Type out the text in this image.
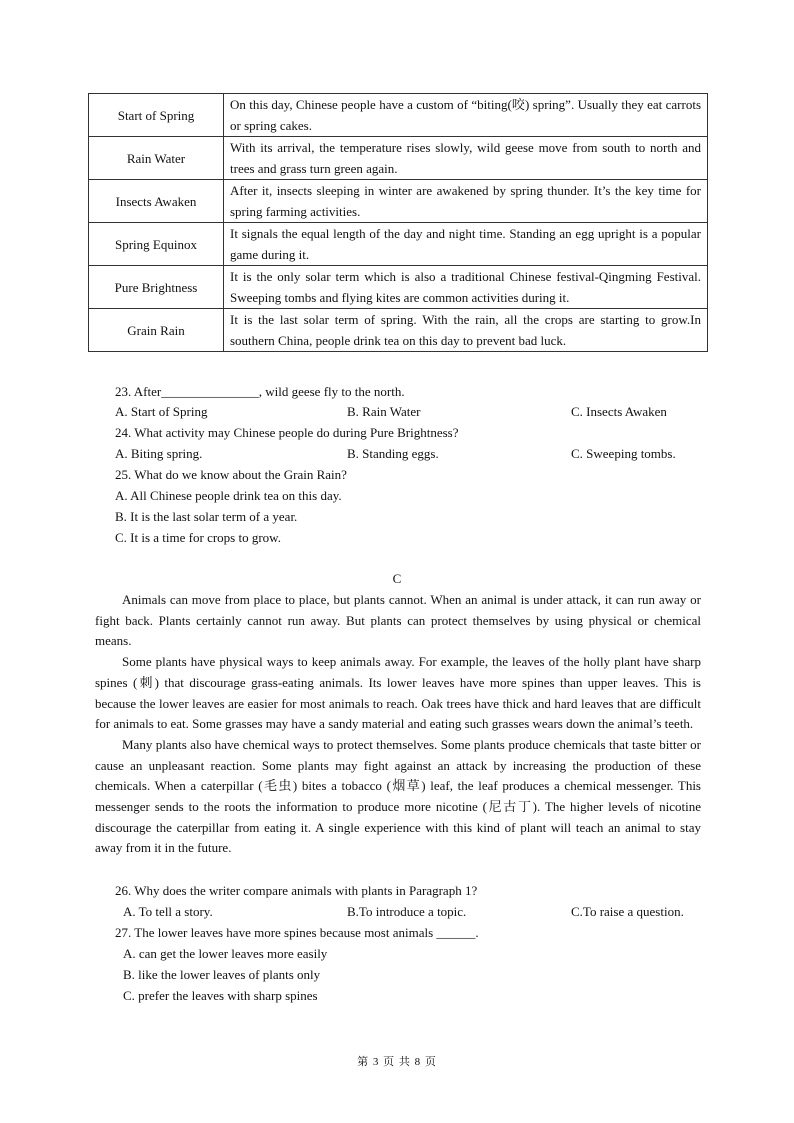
Start of Spring	On this day, Chinese people have a custom of “biting(咬) spring”. Usually they eat carrots or spring cakes.
Rain Water	With its arrival, the temperature rises slowly, wild geese move from south to north and trees and grass turn green again.
Insects Awaken	After it, insects sleeping in winter are awakened by spring thunder. It’s the key time for spring farming activities.
Spring Equinox	It signals the equal length of the day and night time. Standing an egg upright is a popular game during it.
Pure Brightness	It is the only solar term which is also a traditional Chinese festival-Qingming Festival. Sweeping tombs and flying kites are common activities during it.
Grain Rain	It is the last solar term of spring. With the rain, all the crops are starting to grow.In southern China, people drink tea on this day to prevent bad luck.
23. After_______________, wild geese fly to the north.
A. Start of Spring	B. Rain Water	C. Insects Awaken
24. What activity may Chinese people do during Pure Brightness?
A. Biting spring.	B. Standing eggs.	C. Sweeping tombs.
25. What do we know about the Grain Rain?
A. All Chinese people drink tea on this day.
B. It is the last solar term of a year.
C. It is a time for crops to grow.
C

Animals can move from place to place, but plants cannot. When an animal is under attack, it can run away or fight back. Plants certainly cannot run away. But plants can protect themselves by using physical or chemical means.

Some plants have physical ways to keep animals away. For example, the leaves of the holly plant have sharp spines (刺) that discourage grass-eating animals. Its lower leaves have more spines than upper leaves. This is because the lower leaves are easier for most animals to reach. Oak trees have thick and hard leaves that are difficult for animals to eat. Some grasses may have a sandy material and eating such grasses wears down the animal’s teeth.

Many plants also have chemical ways to protect themselves. Some plants produce chemicals that taste bitter or cause an unpleasant reaction. Some plants may fight against an attack by increasing the production of these chemicals. When a caterpillar (毛虫) bites a tobacco (烟草) leaf, the leaf produces a chemical messenger. This messenger sends to the roots the information to produce more nicotine (尼古丁). The higher levels of nicotine discourage the caterpillar from eating it. A single experience with this kind of plant will teach an animal to stay away from it in the future.

26. Why does the writer compare animals with plants in Paragraph 1?
A. To tell a story.	B.To introduce a topic.	C.To raise a question.
27. The lower leaves have more spines because most animals ______.
A. can get the lower leaves more easily
B. like the lower leaves of plants only
C. prefer the leaves with sharp spines
第 3 页 共 8 页
